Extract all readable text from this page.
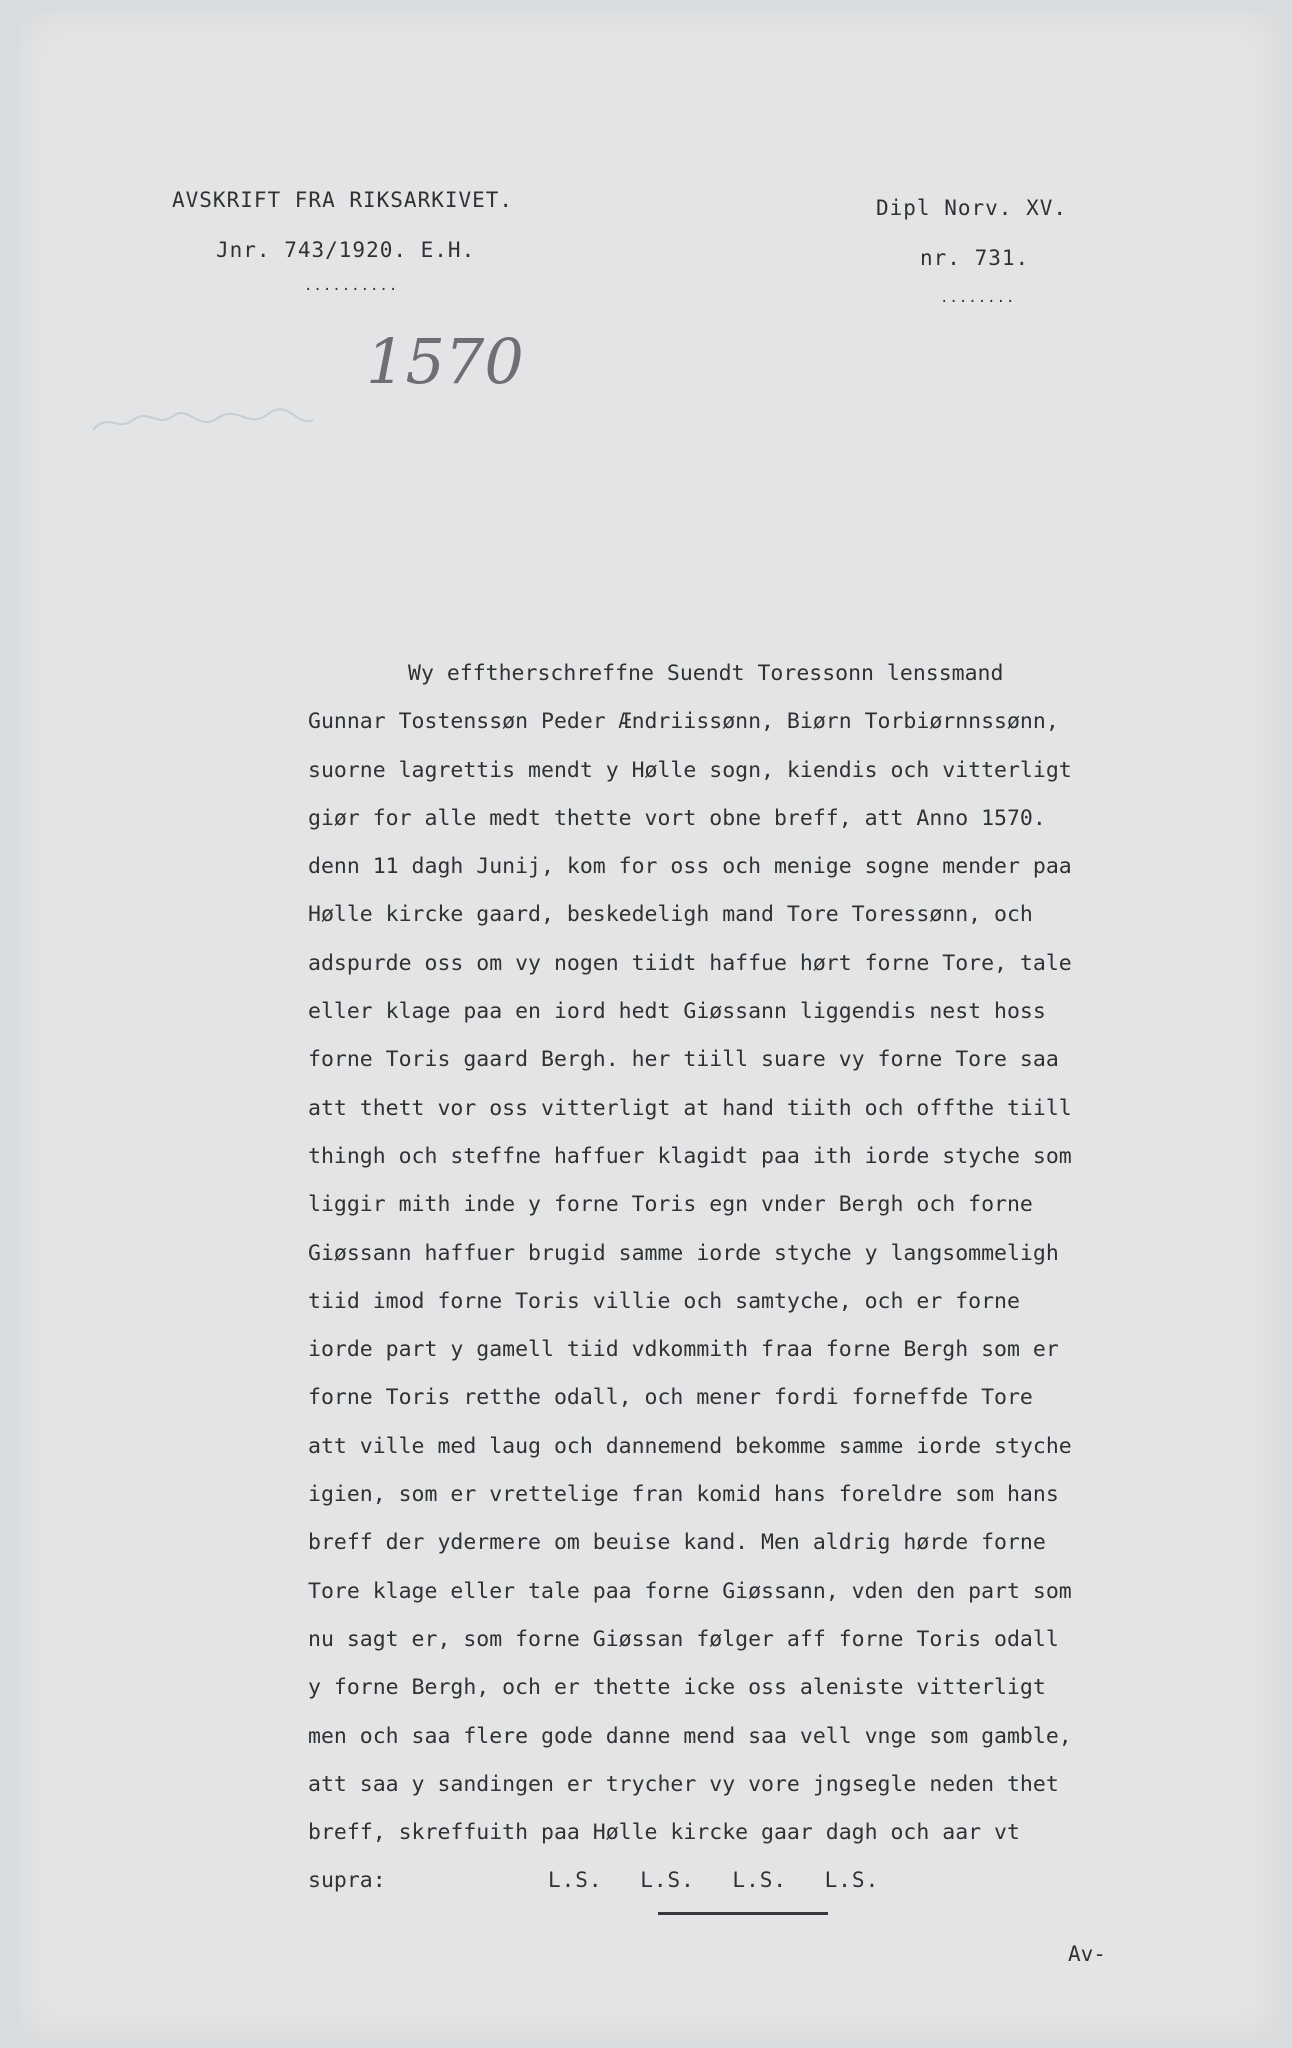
AVSKRIFT FRA RIKSARKIVET.
Jnr. 743/1920. E.H.
..........
Dipl Norv. XV.
nr. 731.
........
1570
Wy efftherschreffne Suendt Toressonn lenssmand
Gunnar Tostenssøn Peder Ændriissønn, Biørn Torbiørnnssønn,
suorne lagrettis mendt y Hølle sogn, kiendis och vitterligt
giør for alle medt thette vort obne breff, att Anno 1570.
denn 11 dagh Junij, kom for oss och menige sogne mender paa
Hølle kircke gaard, beskedeligh mand Tore Toressønn, och
adspurde oss om vy nogen tiidt haffue hørt forne Tore, tale
eller klage paa en iord hedt Giøssann liggendis nest hoss
forne Toris gaard Bergh. her tiill suare vy forne Tore saa
att thett vor oss vitterligt at hand tiith och offthe tiill
thingh och steffne haffuer klagidt paa ith iorde styche som
liggir mith inde y forne Toris egn vnder Bergh och forne
Giøssann haffuer brugid samme iorde styche y langsommeligh
tiid imod forne Toris villie och samtyche, och er forne
iorde part y gamell tiid vdkommith fraa forne Bergh som er
forne Toris retthe odall, och mener fordi forneffde Tore
att ville med laug och dannemend bekomme samme iorde styche
igien, som er vrettelige fran komid hans foreldre som hans
breff der ydermere om beuise kand. Men aldrig hørde forne
Tore klage eller tale paa forne Giøssann, vden den part som
nu sagt er, som forne Giøssan følger aff forne Toris odall
y forne Bergh, och er thette icke oss aleniste vitterligt
men och saa flere gode danne mend saa vell vnge som gamble,
att saa y sandingen er trycher vy vore jngsegle neden thet
breff, skreffuith paa Hølle kircke gaar dagh och aar vt
supra:	L.S. L.S. L.S. L.S.
Av-
